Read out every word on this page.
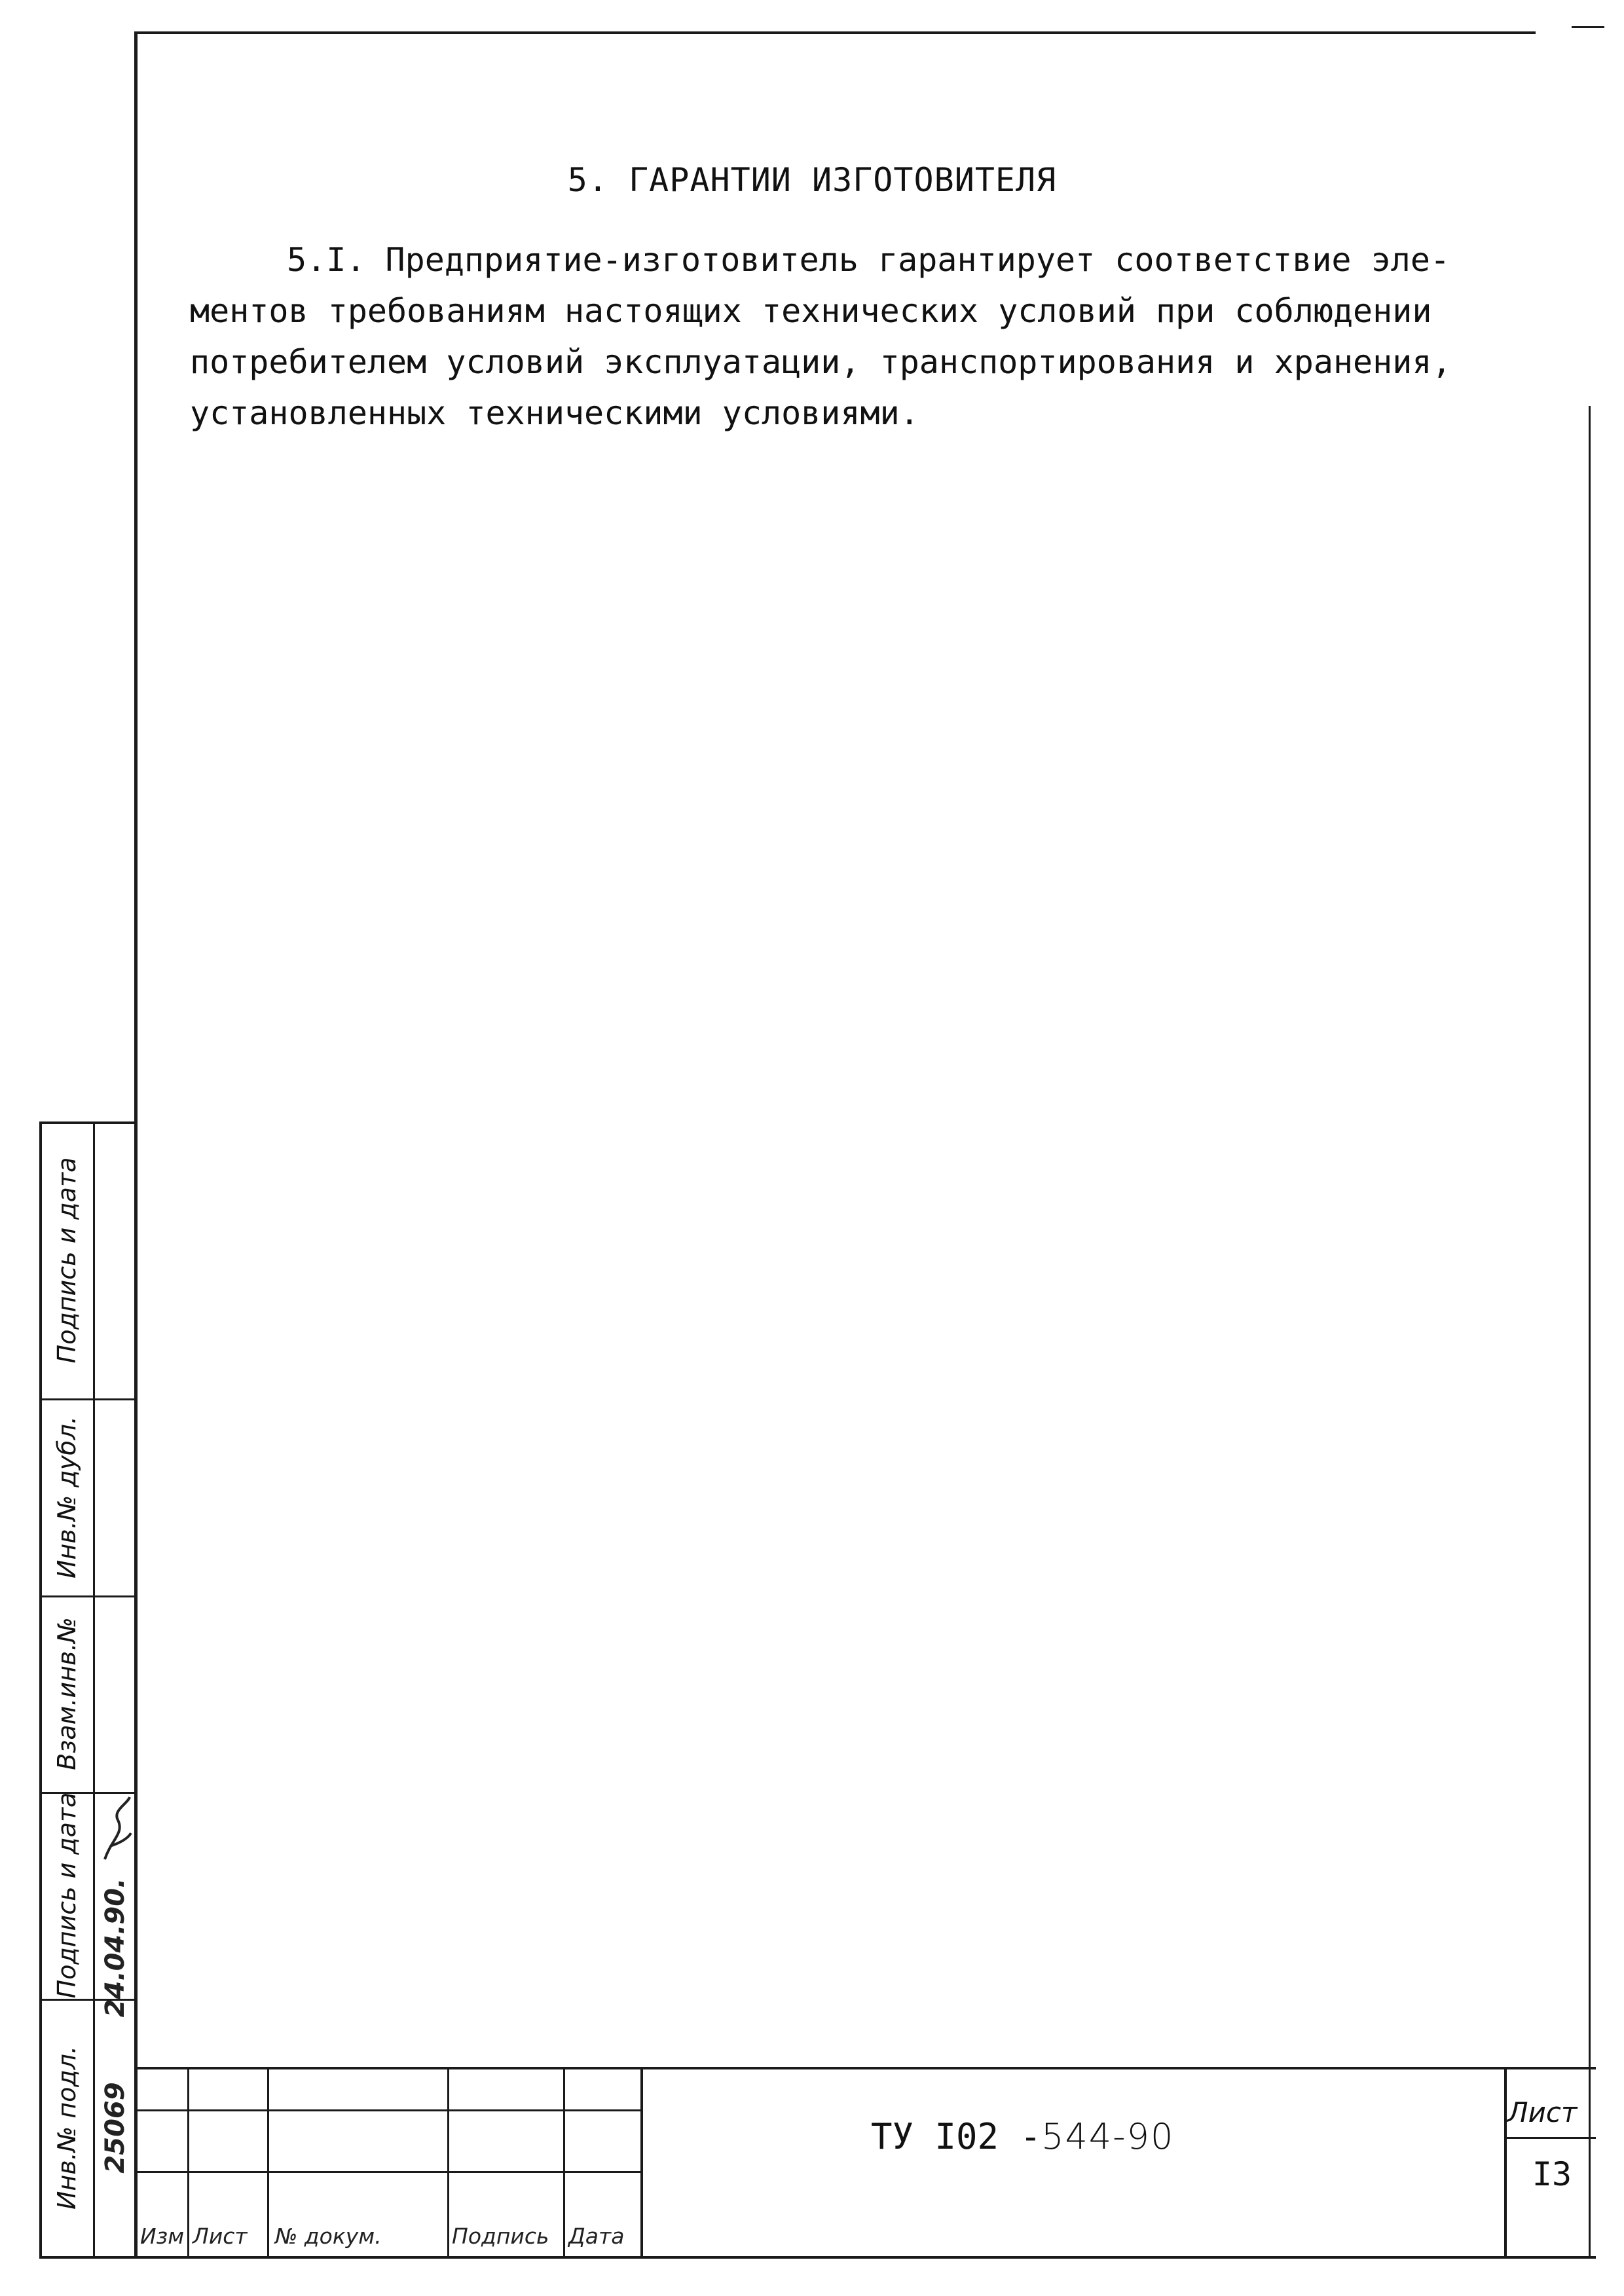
5. ГАРАНТИИ ИЗГОТОВИТЕЛЯ
5.I. Предприятие-изготовитель гарантирует соответствие эле-
ментов требованиям настоящих технических условий при соблюдении
потребителем условий эксплуатации, транспортирования и хранения,
установленных техническими условиями.
Изм Лист № докум.	Подпись Дата
ТУ I02 -544-90
Лист
I3
Инв.№ подл.
Подпись и дата
Взам.инв.№
Инв.№ дубл.
Подпись и дата
25069
24.04.90.
